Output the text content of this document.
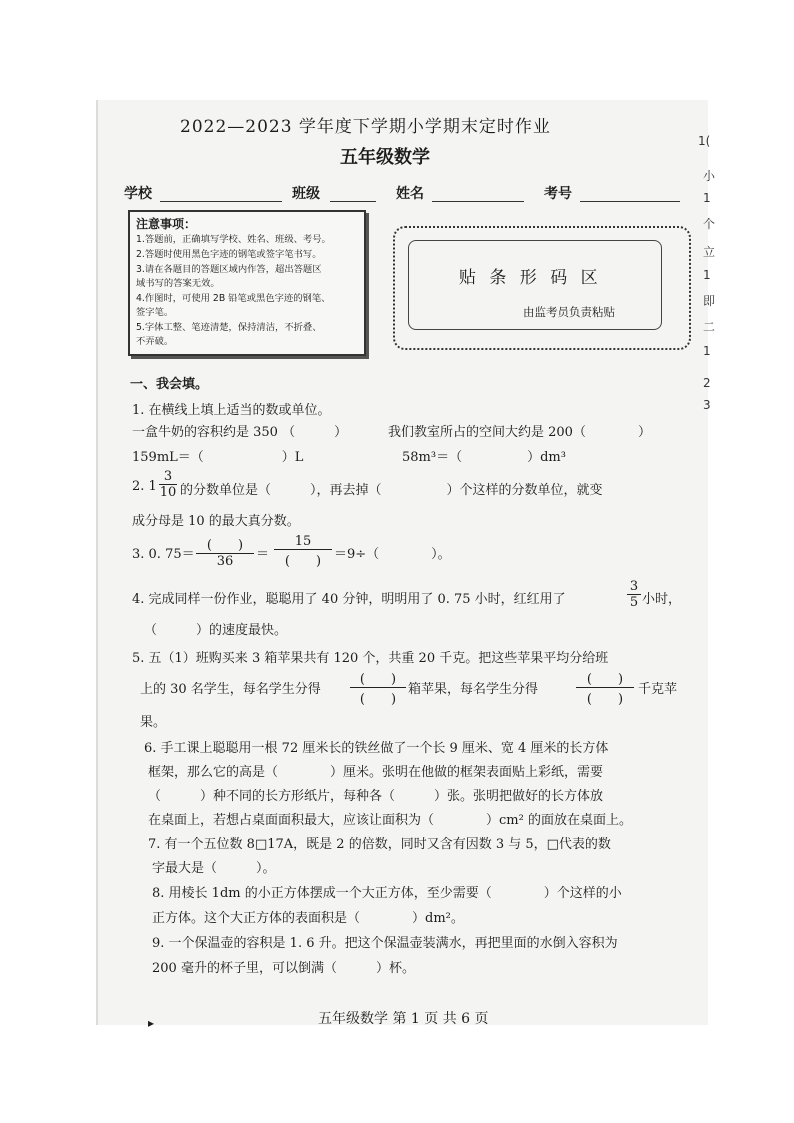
2022—2023 学年度下学期小学期末定时作业
五年级数学
学校	班级	姓名	考号
注意事项：
1.答题前，正确填写学校、姓名、班级、考号。
2.答题时使用黑色字迹的钢笔或签字笔书写。
3.请在各题目的答题区域内作答，超出答题区
域书写的答案无效。
4.作图时，可使用 2B 铅笔或黑色字迹的钢笔、
签字笔。
5.字体工整、笔迹清楚，保持清洁，不折叠、
不弄破。
贴 条 形 码 区
由监考员负责粘贴
一、我会填。
1. 在横线上填上适当的数或单位。
一盒牛奶的容积约是 350 （　　　）	我们教室所占的空间大约是 200（　　　　）
159mL＝（　　　　　　）L	58m³＝（　　　　　）dm³
2. $1 \frac{3}{10}$ 的分数单位是（　　　），再去掉（　　　　　）个这样的分数单位，就变
成分母是 10 的最大真分数。
3. 0. 75＝
(　　)
36	＝
15
(　　) ＝9÷（　　　　）。
4. 完成同样一份作业，聪聪用了 40 分钟，明明用了 0. 75 小时，红红用了	$\frac{3}{5}$ 小时，
（　　　）的速度最快。
5. 五（1）班购买来 3 箱苹果共有 120 个，共重 20 千克。把这些苹果平均分给班
上的 30 名学生，每名学生分得
(　　)
(　　)
箱苹果，每名学生分得
(　　)
(　　)
千克苹
果。
6. 手工课上聪聪用一根 72 厘米长的铁丝做了一个长 9 厘米、宽 4 厘米的长方体
框架，那么它的高是（　　　　）厘米。张明在他做的框架表面贴上彩纸，需要
（　　　）种不同的长方形纸片，每种各（　　　）张。张明把做好的长方体放
在桌面上，若想占桌面面积最大，应该让面积为（　　　　）cm² 的面放在桌面上。
7. 有一个五位数 8□17A，既是 2 的倍数，同时又含有因数 3 与 5，□代表的数
字最大是（　　　）。
8. 用棱长 1dm 的小正方体摆成一个大正方体，至少需要（　　　　）个这样的小
正方体。这个大正方体的表面积是（　　　　）dm²。
9. 一个保温壶的容积是 1. 6 升。把这个保温壶装满水，再把里面的水倒入容积为
200 毫升的杯子里，可以倒满（　　　）杯。
五年级数学 第 1 页 共 6 页
▸
1(
小
1
个
立
1
即
二
1
2
3
